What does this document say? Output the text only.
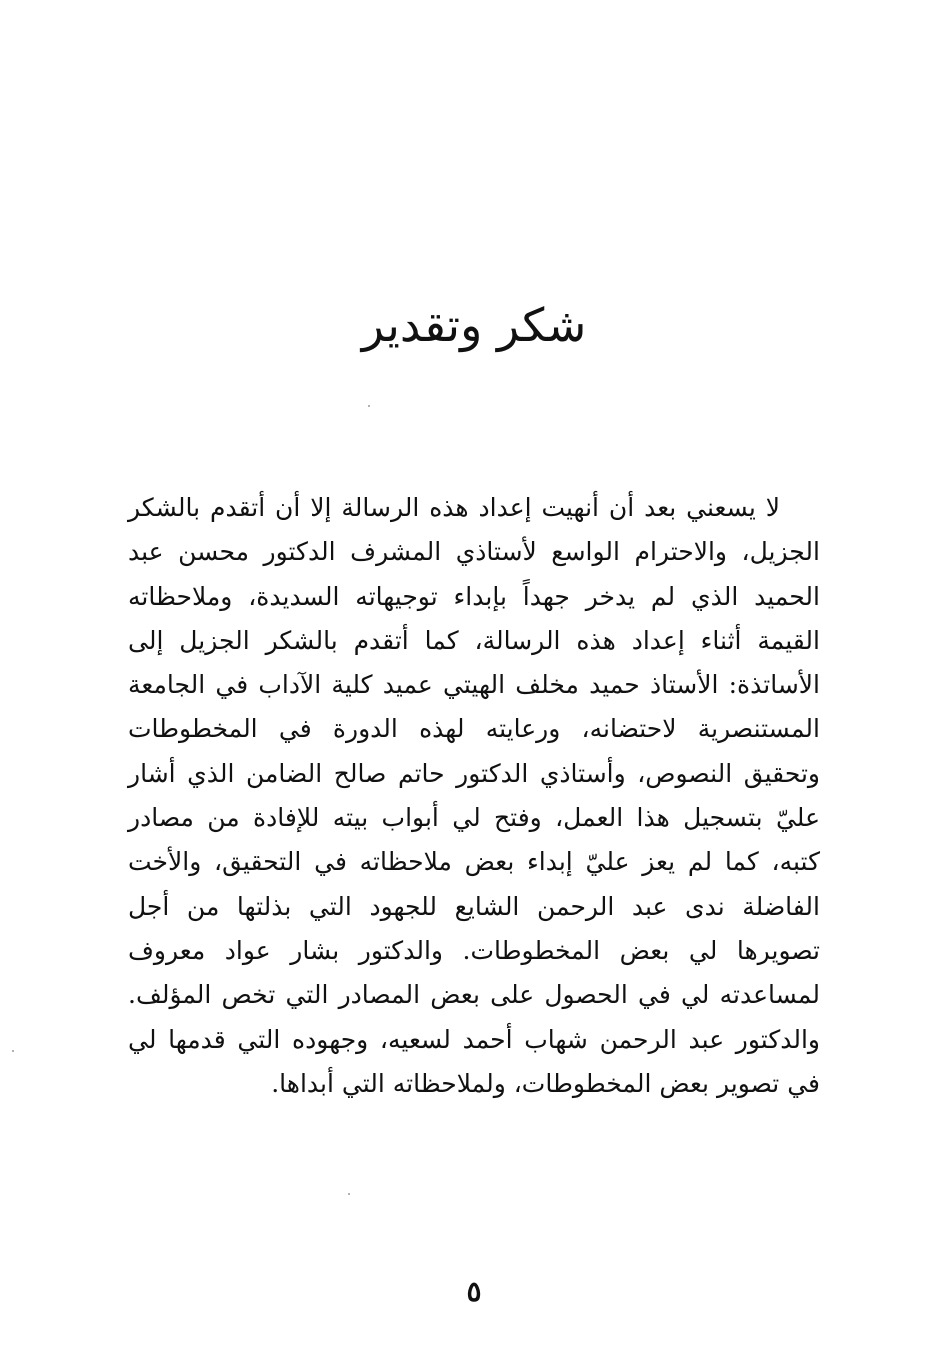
شكر وتقدير

لا يسعني بعد أن أنهيت إعداد هذه الرسالة إلا أن أتقدم بالشكر الجزيل، والاحترام الواسع لأستاذي المشرف الدكتور محسن عبد الحميد الذي لم يدخر جهداً بإبداء توجيهاته السديدة، وملاحظاته القيمة أثناء إعداد هذه الرسالة، كما أتقدم بالشكر الجزيل إلى الأساتذة: الأستاذ حميد مخلف الهيتي عميد كلية الآداب في الجامعة المستنصرية لاحتضانه، ورعايته لهذه الدورة في المخطوطات وتحقيق النصوص، وأستاذي الدكتور حاتم صالح الضامن الذي أشار عليّ بتسجيل هذا العمل، وفتح لي أبواب بيته للإفادة من مصادر كتبه، كما لم يعز عليّ إبداء بعض ملاحظاته في التحقيق، والأخت الفاضلة ندى عبد الرحمن الشايع للجهود التي بذلتها من أجل تصويرها لي بعض المخطوطات. والدكتور بشار عواد معروف لمساعدته لي في الحصول على بعض المصادر التي تخص المؤلف. والدكتور عبد الرحمن شهاب أحمد لسعيه، وجهوده التي قدمها لي في تصوير بعض المخطوطات، ولملاحظاته التي أبداها.

٥
